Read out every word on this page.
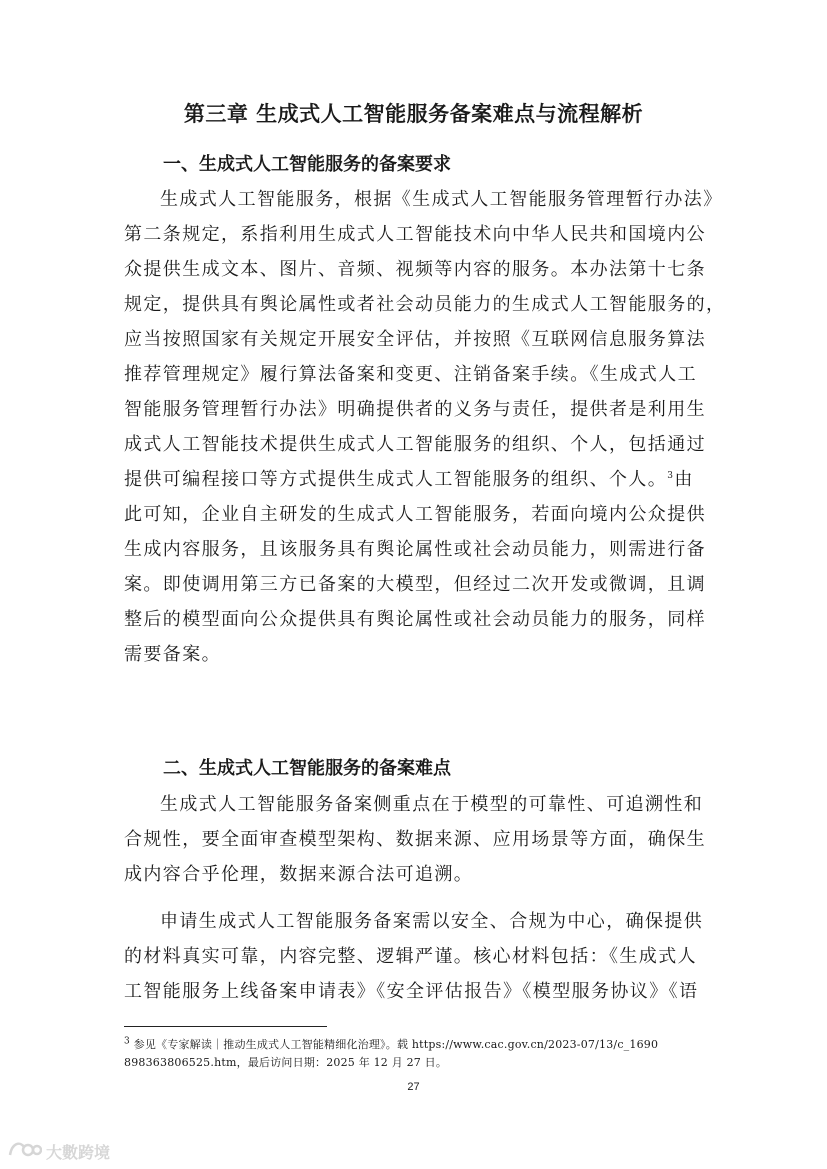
第三章 生成式人工智能服务备案难点与流程解析
一、生成式人工智能服务的备案要求
生成式人工智能服务，根据《生成式人工智能服务管理暂行办法》
第二条规定，系指利用生成式人工智能技术向中华人民共和国境内公
众提供生成文本、图片、音频、视频等内容的服务。本办法第十七条
规定，提供具有舆论属性或者社会动员能力的生成式人工智能服务的，
应当按照国家有关规定开展安全评估，并按照《互联网信息服务算法
推荐管理规定》履行算法备案和变更、注销备案手续。《生成式人工
智能服务管理暂行办法》明确提供者的义务与责任，提供者是利用生
成式人工智能技术提供生成式人工智能服务的组织、个人，包括通过
提供可编程接口等方式提供生成式人工智能服务的组织、个人。$^3$由
此可知，企业自主研发的生成式人工智能服务，若面向境内公众提供
生成内容服务，且该服务具有舆论属性或社会动员能力，则需进行备
案。即使调用第三方已备案的大模型，但经过二次开发或微调，且调
整后的模型面向公众提供具有舆论属性或社会动员能力的服务，同样
需要备案。
二、生成式人工智能服务的备案难点
生成式人工智能服务备案侧重点在于模型的可靠性、可追溯性和
合规性，要全面审查模型架构、数据来源、应用场景等方面，确保生
成内容合乎伦理，数据来源合法可追溯。
申请生成式人工智能服务备案需以安全、合规为中心，确保提供
的材料真实可靠，内容完整、逻辑严谨。核心材料包括：《生成式人
工智能服务上线备案申请表》《安全评估报告》《模型服务协议》《语
$^3$ 参见《专家解读｜推动生成式人工智能精细化治理》。载 https://www.cac.gov.cn/2023-07/13/c_1690
898363806525.htm，最后访问日期：2025 年 12 月 27 日。
27
大數跨境
